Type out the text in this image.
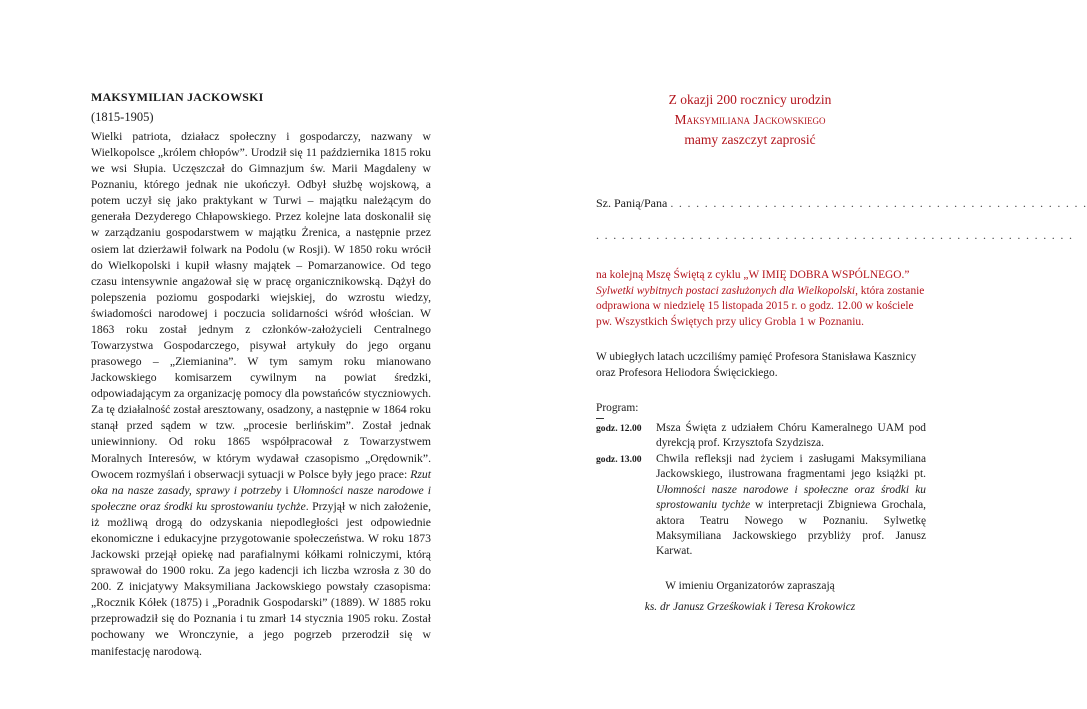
MAKSYMILIAN JACKOWSKI

(1815-1905)

Wielki patriota, działacz społeczny i gospodarczy, nazwany w Wielkopolsce „królem chłopów”. Urodził się 11 października 1815 roku we wsi Słupia. Uczęszczał do Gimnazjum św. Marii Magdaleny w Poznaniu, którego jednak nie ukończył. Odbył służbę wojskową, a potem uczył się jako praktykant w Turwi – majątku należącym do generała Dezyderego Chłapowskiego. Przez kolejne lata doskonalił się w zarządzaniu gospodarstwem w majątku Żrenica, a następnie przez osiem lat dzierżawił folwark na Podolu (w Rosji). W 1850 roku wrócił do Wielkopolski i kupił własny majątek – Pomarzanowice. Od tego czasu intensywnie angażował się w pracę organicznikowską. Dążył do polepszenia poziomu gospodarki wiejskiej, do wzrostu wiedzy, świadomości narodowej i poczucia solidarności wśród włościan. W 1863 roku został jednym z członków-założycieli Centralnego Towarzystwa Gospodarczego, pisywał artykuły do jego organu prasowego – „Ziemianina”. W tym samym roku mianowano Jackowskiego komisarzem cywilnym na powiat średzki, odpowiadającym za organizację pomocy dla powstańców styczniowych. Za tę działalność został aresztowany, osadzony, a następnie w 1864 roku stanął przed sądem w tzw. „procesie berlińskim”. Został jednak uniewinniony. Od roku 1865 współpracował z Towarzystwem Moralnych Interesów, w którym wydawał czasopismo „Orędownik”. Owocem rozmyślań i obserwacji sytuacji w Polsce były jego prace: Rzut oka na nasze zasady, sprawy i potrzeby i Ułomności nasze narodowe i społeczne oraz środki ku sprostowaniu tychże. Przyjął w nich założenie, iż możliwą drogą do odzyskania niepodległości jest odpowiednie ekonomiczne i edukacyjne przygotowanie społeczeństwa. W roku 1873 Jackowski przejął opiekę nad parafialnymi kółkami rolniczymi, którą sprawował do 1900 roku. Za jego kadencji ich liczba wzrosła z 30 do 200. Z inicjatywy Maksymiliana Jackowskiego powstały czasopisma: „Rocznik Kółek (1875) i „Poradnik Gospodarski” (1889). W 1885 roku przeprowadził się do Poznania i tu zmarł 14 stycznia 1905 roku. Został pochowany we Wronczynie, a jego pogrzeb przerodził się w manifestację narodową.

Z okazji 200 rocznicy urodzin
Maksymiliana Jackowskiego
mamy zaszczyt zaprosić
Sz. Panią/Pana . . . . . . . . . . . . . . . . . . . . . . . . . . . . . . . . . . . . . . . . . . . . . . . . .
. . . . . . . . . . . . . . . . . . . . . . . . . . . . . . . . . . . . . . . . . . . . . . . . . . . . . . . .
na kolejną Mszę Świętą z cyklu „W IMIĘ DOBRA WSPÓLNEGO.”
Sylwetki wybitnych postaci zasłużonych dla Wielkopolski, która zostanie odprawiona w niedzielę 15 listopada 2015 r. o godz. 12.00 w kościele pw. Wszystkich Świętych przy ulicy Grobla 1 w Poznaniu.
W ubiegłych latach uczciliśmy pamięć Profesora Stanisława Kasznicy oraz Profesora Heliodora Święcickiego.
Program:
godz. 12.00	Msza Święta z udziałem Chóru Kameralnego UAM pod dyrekcją prof. Krzysztofa Szydzisza.
godz. 13.00	Chwila refleksji nad życiem i zasługami Maksymiliana Jackowskiego, ilustrowana fragmentami jego książki pt. Ułomności nasze narodowe i społeczne oraz środki ku sprostowaniu tychże w interpretacji Zbigniewa Grochala, aktora Teatru Nowego w Poznaniu. Sylwetkę Maksymiliana Jackowskiego przybliży prof. Janusz Karwat.
W imieniu Organizatorów zapraszają
ks. dr Janusz Grześkowiak i Teresa Krokowicz
